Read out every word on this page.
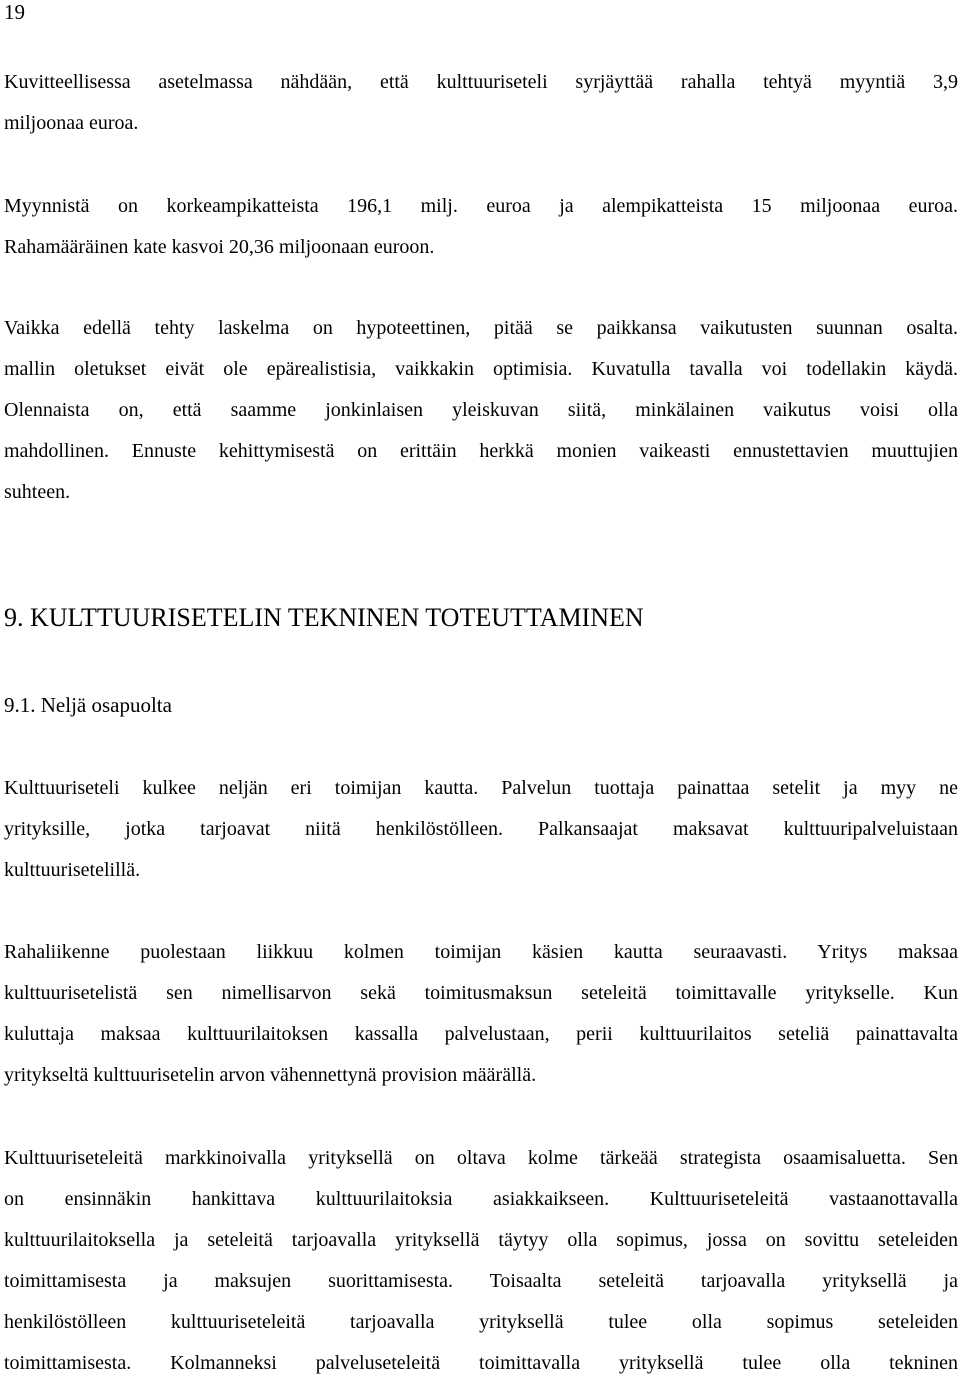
19

Kuvitteellisessa asetelmassa nähdään, että kulttuuriseteli syrjäyttää rahalla tehtyä myyntiä 3,9
miljoonaa euroa.
Myynnistä on korkeampikatteista 196,1 milj. euroa ja alempikatteista 15 miljoonaa euroa.
Rahamääräinen kate kasvoi 20,36 miljoonaan euroon.
Vaikka edellä tehty laskelma on hypoteettinen, pitää se paikkansa vaikutusten suunnan osalta.
mallin oletukset eivät ole epärealistisia, vaikkakin optimisia. Kuvatulla tavalla voi todellakin käydä.
Olennaista on, että saamme jonkinlaisen yleiskuvan siitä, minkälainen vaikutus voisi olla
mahdollinen. Ennuste kehittymisestä on erittäin herkkä monien vaikeasti ennustettavien muuttujien
suhteen.
9. KULTTUURISETELIN TEKNINEN TOTEUTTAMINEN
9.1. Neljä osapuolta
Kulttuuriseteli kulkee neljän eri toimijan kautta. Palvelun tuottaja painattaa setelit ja myy ne
yrityksille, jotka tarjoavat niitä henkilöstölleen. Palkansaajat maksavat kulttuuripalveluistaan
kulttuurisetelillä.
Rahaliikenne puolestaan liikkuu kolmen toimijan käsien kautta seuraavasti. Yritys maksaa
kulttuurisetelistä sen nimellisarvon sekä toimitusmaksun seteleitä toimittavalle yritykselle. Kun
kuluttaja maksaa kulttuurilaitoksen kassalla palvelustaan, perii kulttuurilaitos seteliä painattavalta
yritykseltä kulttuurisetelin arvon vähennettynä provision määrällä.
Kulttuuriseteleitä markkinoivalla yrityksellä on oltava kolme tärkeää strategista osaamisaluetta. Sen
on ensinnäkin hankittava kulttuurilaitoksia asiakkaikseen. Kulttuuriseteleitä vastaanottavalla
kulttuurilaitoksella ja seteleitä tarjoavalla yrityksellä täytyy olla sopimus, jossa on sovittu seteleiden
toimittamisesta ja maksujen suorittamisesta. Toisaalta seteleitä tarjoavalla yrityksellä ja
henkilöstölleen kulttuuriseteleitä tarjoavalla yrityksellä tulee olla sopimus seteleiden
toimittamisesta. Kolmanneksi palveluseteleitä toimittavalla yrityksellä tulee olla tekninen
